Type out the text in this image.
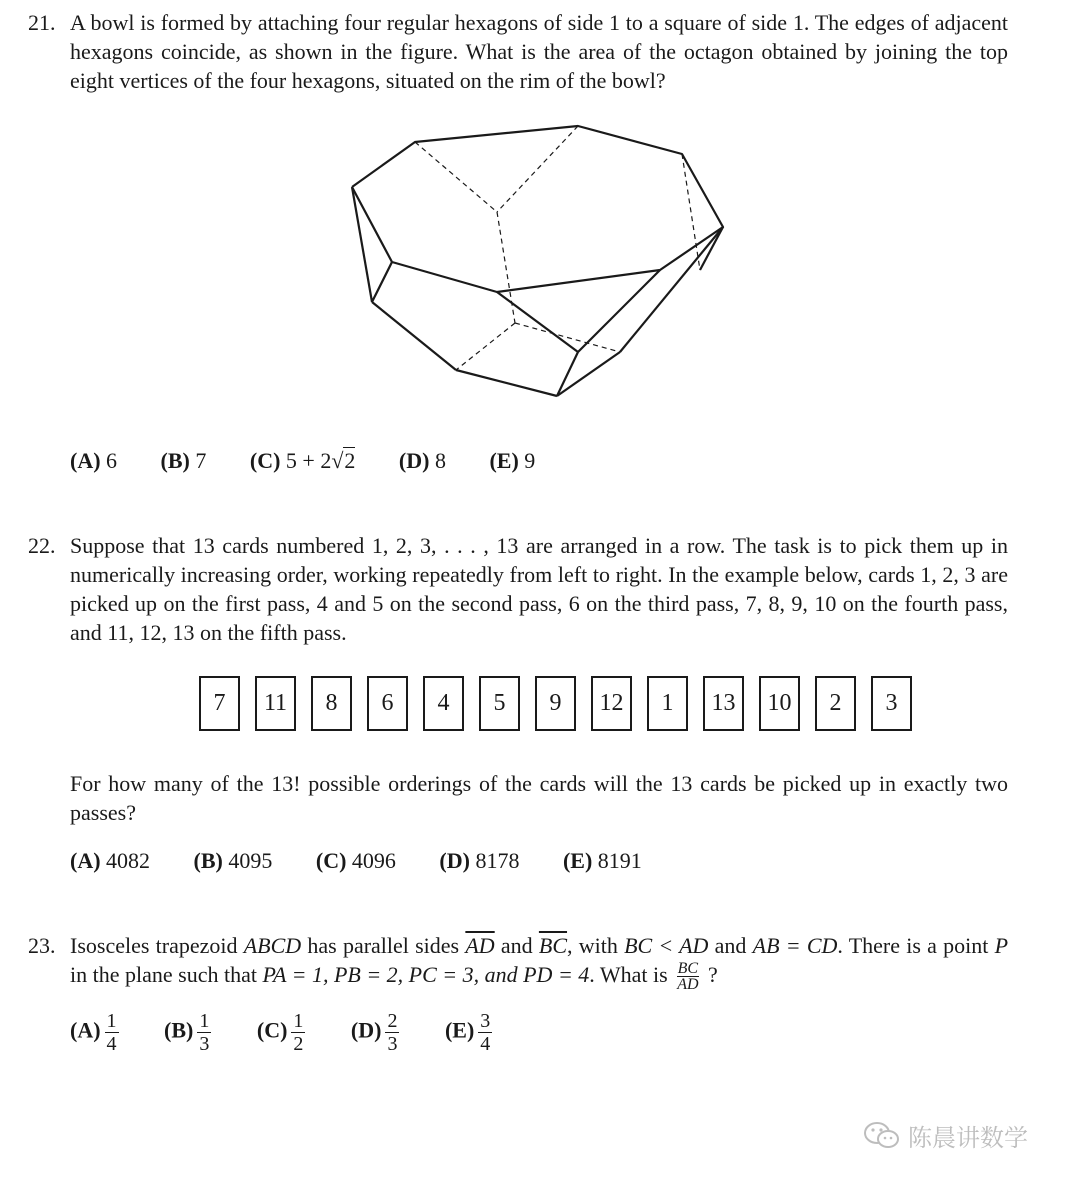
21. A bowl is formed by attaching four regular hexagons of side 1 to a square of side 1. The edges of adjacent hexagons coincide, as shown in the figure. What is the area of the octagon obtained by joining the top eight vertices of the four hexagons, situated on the rim of the bowl?
(A) 6 (B) 7 (C) 5 + 2√2 (D) 8 (E) 9
22. Suppose that 13 cards numbered 1, 2, 3, . . . , 13 are arranged in a row. The task is to pick them up in numerically increasing order, working repeatedly from left to right. In the example below, cards 1, 2, 3 are picked up on the first pass, 4 and 5 on the second pass, 6 on the third pass, 7, 8, 9, 10 on the fourth pass, and 11, 12, 13 on the fifth pass.
7	11	8	6	4	5	9	12	1	13	10	2	3
For how many of the 13! possible orderings of the cards will the 13 cards be picked up in exactly two passes?
(A) 4082 (B) 4095 (C) 4096 (D) 8178 (E) 8191
23. Isosceles trapezoid ABCD has parallel sides $\overline{AD}$ and $\overline{BC}$, with BC < AD and AB = CD. There is a point P in the plane such that PA = 1, PB = 2, PC = 3, and PD = 4. What is $\frac{BC}{AD}$ ?
$(A) \frac{1}{4} (B) \frac{1}{3} (C) \frac{1}{2} (D) \frac{2}{3} (E) \frac{3}{4}$
陈晨讲数学
